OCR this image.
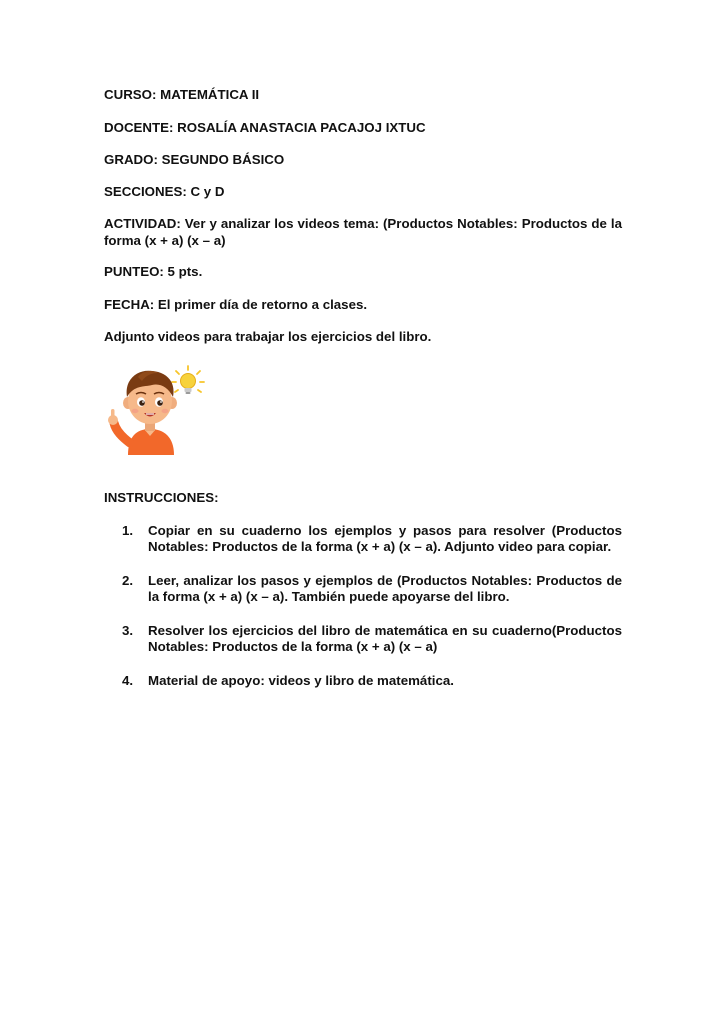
CURSO: MATEMÁTICA II

DOCENTE: ROSALÍA ANASTACIA PACAJOJ IXTUC

GRADO: SEGUNDO BÁSICO

SECCIONES: C y D

ACTIVIDAD: Ver y analizar los videos tema: (Productos Notables: Productos de la forma (x + a) (x – a)

PUNTEO: 5 pts.

FECHA: El primer día de retorno a clases.

Adjunto videos para trabajar los ejercicios del libro.

INSTRUCCIONES:

1. Copiar en su cuaderno los ejemplos y pasos para resolver (Productos Notables: Productos de la forma (x + a) (x – a). Adjunto video para copiar.
2. Leer, analizar los pasos y ejemplos de (Productos Notables: Productos de la forma (x + a) (x – a). También puede apoyarse del libro.
3. Resolver los ejercicios del libro de matemática en su cuaderno(Productos Notables: Productos de la forma (x + a) (x – a)
4. Material de apoyo: videos y libro de matemática.
